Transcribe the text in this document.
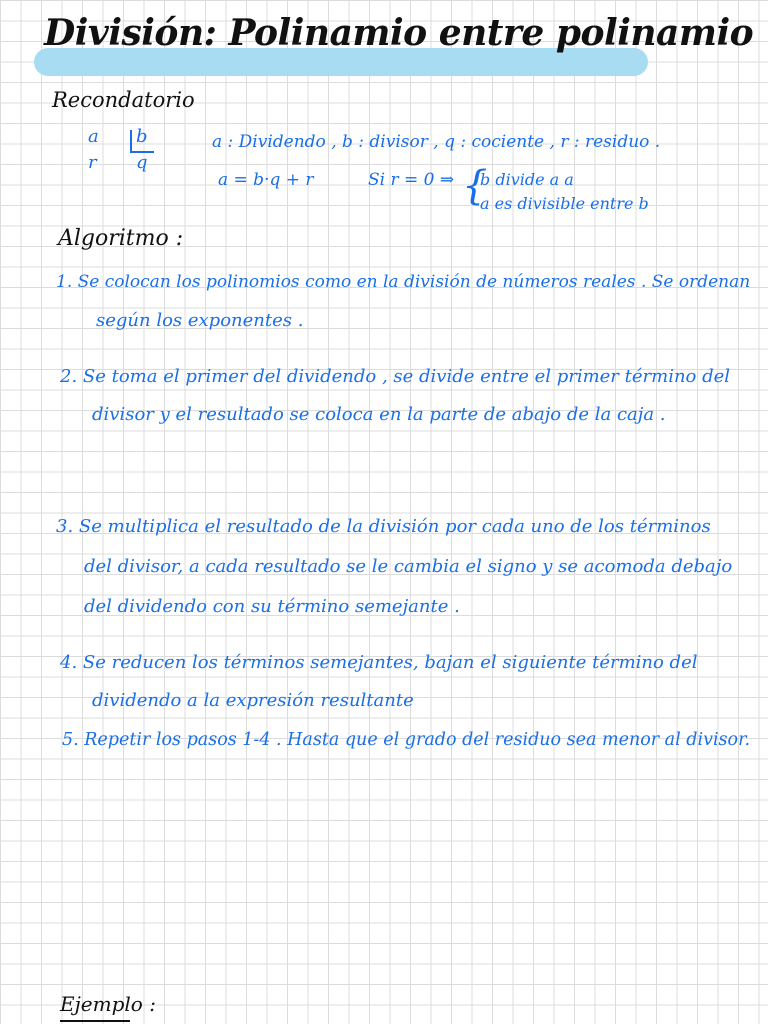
División: Polinamio entre polinamio
Recondatorio
a b
r q
a : Dividendo , b : divisor , q : cociente , r : residuo .
a = b·q + r	Si r = 0 ⇒ {
b divide a a
a es divisible entre b
Algoritmo :
1. Se colocan los polinomios como en la división de números reales . Se ordenan
según los exponentes .
2. Se toma el primer del dividendo , se divide entre el primer término del
divisor y el resultado se coloca en la parte de abajo de la caja .
3. Se multiplica el resultado de la división por cada uno de los términos
del divisor, a cada resultado se le cambia el signo y se acomoda debajo
del dividendo con su término semejante .
4. Se reducen los términos semejantes, bajan el siguiente término del
dividendo a la expresión resultante
5. Repetir los pasos 1-4 . Hasta que el grado del residuo sea menor al divisor.
Ejemplo :
